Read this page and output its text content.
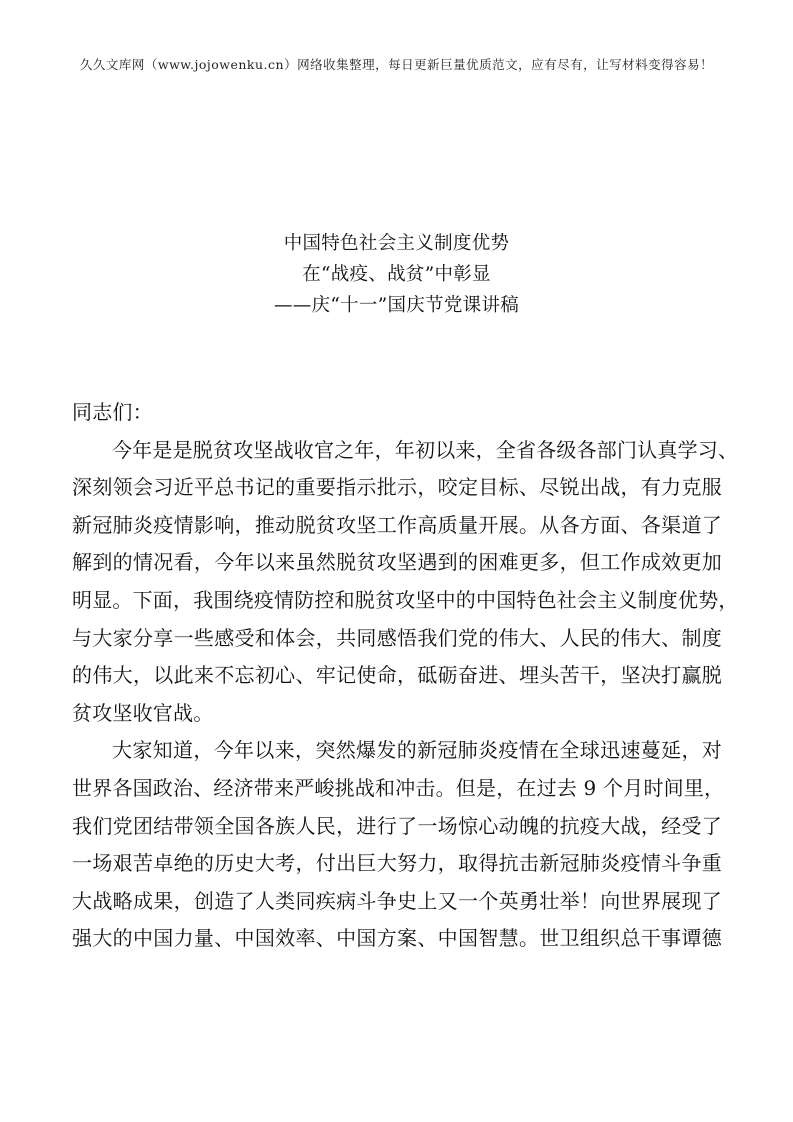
久久文库网（www.jojowenku.cn）网络收集整理，每日更新巨量优质范文，应有尽有，让写材料变得容易！
中国特色社会主义制度优势
在“战疫、战贫”中彰显
——庆“十一”国庆节党课讲稿

同志们：

今年是是脱贫攻坚战收官之年，年初以来，全省各级各部门认真学习、
深刻领会习近平总书记的重要指示批示，咬定目标、尽锐出战，有力克服
新冠肺炎疫情影响，推动脱贫攻坚工作高质量开展。从各方面、各渠道了
解到的情况看，今年以来虽然脱贫攻坚遇到的困难更多，但工作成效更加
明显。下面，我围绕疫情防控和脱贫攻坚中的中国特色社会主义制度优势，
与大家分享一些感受和体会，共同感悟我们党的伟大、人民的伟大、制度
的伟大，以此来不忘初心、牢记使命，砥砺奋进、埋头苦干，坚决打赢脱
贫攻坚收官战。

大家知道，今年以来，突然爆发的新冠肺炎疫情在全球迅速蔓延，对
世界各国政治、经济带来严峻挑战和冲击。但是，在过去 9 个月时间里，
我们党团结带领全国各族人民，进行了一场惊心动魄的抗疫大战，经受了
一场艰苦卓绝的历史大考，付出巨大努力，取得抗击新冠肺炎疫情斗争重
大战略成果，创造了人类同疾病斗争史上又一个英勇壮举！向世界展现了
强大的中国力量、中国效率、中国方案、中国智慧。世卫组织总干事谭德
